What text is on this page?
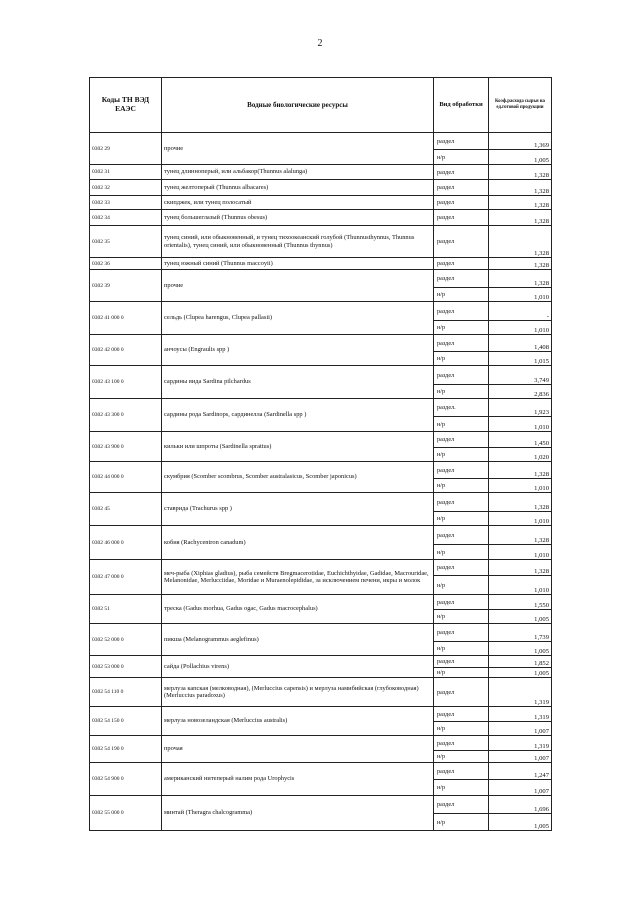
2
Коды ТН ВЭД ЕАЭС	Водные биологические ресурсы	Вид обработки	Коэф.расхода сырья на ед.готовой продукции
0302 29	прочие	раздел	1,369
		н/р	1,005
0302 31	тунец длинноперый, или альбакор(Thunnus alalunga)	раздел	1,328
0302 32	тунец желтоперый (Thunnus albacares)	раздел	1,328
0302 33	скипджек, или тунец полосатый	раздел	1,328
0302 34	тунец большеглазый (Thunnus obesus)	раздел	1,328
0302 35	тунец синий, или обыкновенный, и тунец тихоокеанский голубой (Thunnusthynnus, Thunnus orientalis), тунец синий, или обыкновенный (Thunnus thynnus)	раздел	1,328
0302 36	тунец южный синий (Thunnus maccoyii)	раздел	1,328
0302 39	прочие	раздел	1,328
		н/р	1,010
0302 41 000 0	сельдь (Clupea harengus, Clupea pallasii)	раздел	-
		н/р	1,010
0302 42 000 0	анчоусы (Engraulis spp )	раздел	1,408
		н/р	1,015
0302 43 100 0	сардины вида Sardina pilchardus	раздел	3,749
		н/р	2,836
0302 43 300 0	сардины рода Sardinops, сардинелла (Sardinella spp )	раздел.	1,923
		н/р	1,010
0302 43 900 0	кильки или шпроты (Sardinella sprattus)	раздел	1,450
		н/р	1,020
0302 44 000 0	скумбрия (Scomber scombrus, Scomber australasicus, Scomber japonicus)	раздел	1,328
		н/р	1,010
0302 45	ставрида (Trachurus spp )	раздел	1,328
		н/р	1,010
0302 46 000 0	кобия (Rachycentron canadum)	раздел	1,328
		н/р	1,010
0302 47 000 0	меч-рыба (Xiphias gladius), рыба семейств Bregmacerotidae, Euchichthyidae, Gadidae, Macrouridae, Melanonidae, Merlucciidae, Moridae и Muraenolepididae, за исключением печени, икры и молок	раздел	1,328
		н/р	1,010
0302 51	треска (Gadus morhua, Gadus ogac, Gadus macrocephalus)	раздел	1,550
		н/р	1,005
0302 52 000 0	пикша (Melanogrammus aeglefinus)	раздел	1,739
		н/р	1,005
0302 53 000 0	сайда (Pollachius virens)	раздел	1,852
		н/р	1,005
0302 54 110 0	мерлуза капская (мелководная), (Merluccius capensis) и мерлуза намибийская (глубоководная) (Merluccius paradoxus)	раздел	1,319
0302 54 150 0	мерлуза новозеландская (Merluccius australis)	раздел	1,319
		н/р	1,007
0302 54 190 0	прочая	раздел	1,319
		н/р	1,007
0302 54 900 0	американский нитеперый налим рода Urophycis	раздел	1,247
		н/р	1,007
0302 55 000 0	минтай (Theragra chalcogramma)	раздел	1,696
		н/р	1,005
